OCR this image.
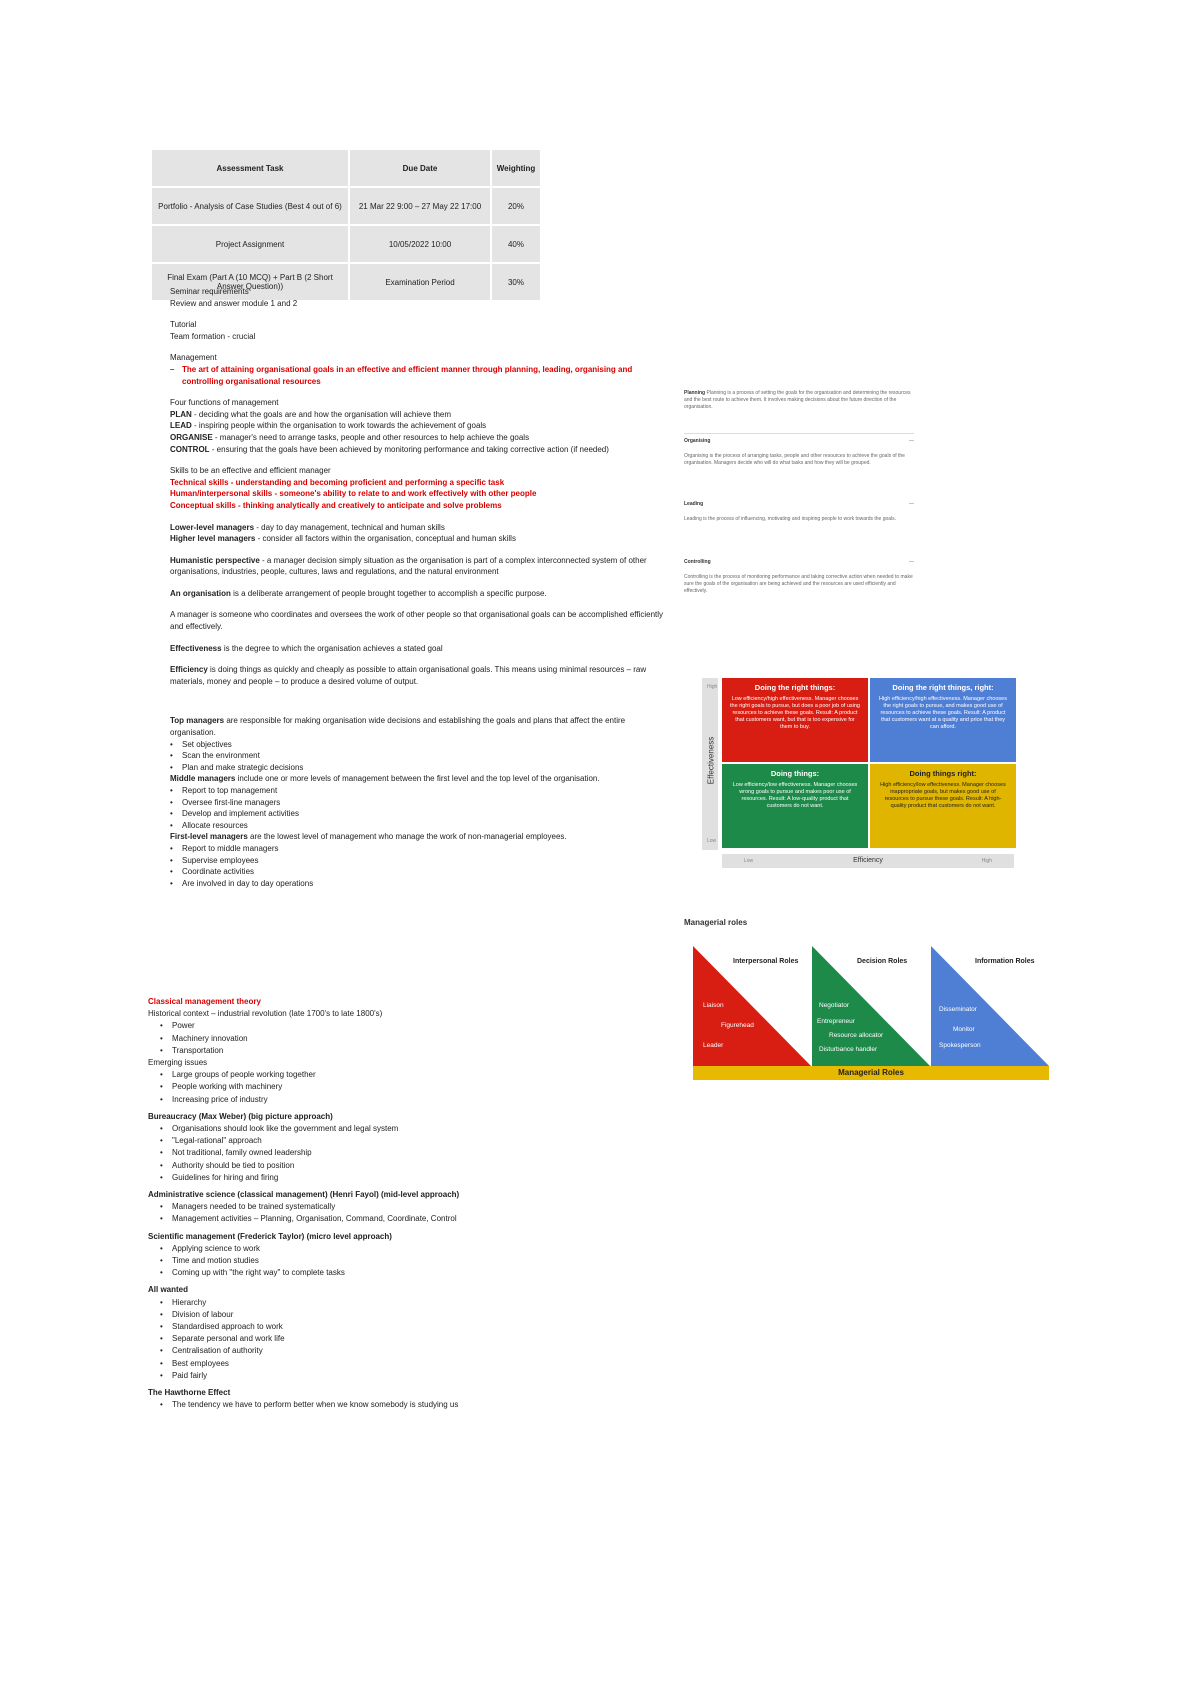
Assessment Task	Due Date	Weighting
Portfolio - Analysis of Case Studies (Best 4 out of 6)	21 Mar 22 9:00 – 27 May 22 17:00	20%
Project Assignment	10/05/2022 10:00	40%
Final Exam (Part A (10 MCQ) + Part B (2 Short Answer Question))	Examination Period	30%

Seminar requirements

Review and answer module 1 and 2

Tutorial

Team formation - crucial

Management

– The art of attaining organisational goals in an effective and efficient manner through planning, leading, organising and controlling organisational resources

Four functions of management

PLAN - deciding what the goals are and how the organisation will achieve them

LEAD - inspiring people within the organisation to work towards the achievement of goals

ORGANISE - manager's need to arrange tasks, people and other resources to help achieve the goals

CONTROL - ensuring that the goals have been achieved by monitoring performance and taking corrective action (if needed)

Skills to be an effective and efficient manager

Technical skills - understanding and becoming proficient and performing a specific task

Human/interpersonal skills - someone's ability to relate to and work effectively with other people

Conceptual skills - thinking analytically and creatively to anticipate and solve problems

Lower-level managers - day to day management, technical and human skills

Higher level managers - consider all factors within the organisation, conceptual and human skills

Humanistic perspective - a manager decision simply situation as the organisation is part of a complex interconnected system of other organisations, industries, people, cultures, laws and regulations, and the natural environment

An organisation is a deliberate arrangement of people brought together to accomplish a specific purpose.

A manager is someone who coordinates and oversees the work of other people so that organisational goals can be accomplished efficiently and effectively.

Effectiveness is the degree to which the organisation achieves a stated goal

Efficiency is doing things as quickly and cheaply as possible to attain organisational goals. This means using minimal resources – raw materials, money and people – to produce a desired volume of output.

Top managers are responsible for making organisation wide decisions and establishing the goals and plans that affect the entire organisation.

• Set objectives
• Scan the environment
• Plan and make strategic decisions

Middle managers include one or more levels of management between the first level and the top level of the organisation.

• Report to top management
• Oversee first-line managers
• Develop and implement activities
• Allocate resources

First-level managers are the lowest level of management who manage the work of non-managerial employees.

• Report to middle managers
• Supervise employees
• Coordinate activities
• Are involved in day to day operations

Classical management theory

Historical context – industrial revolution (late 1700's to late 1800's)

• Power
• Machinery innovation
• Transportation

Emerging issues

• Large groups of people working together
• People working with machinery
• Increasing price of industry

Bureaucracy (Max Weber) (big picture approach)

• Organisations should look like the government and legal system
• "Legal-rational" approach
• Not traditional, family owned leadership
• Authority should be tied to position
• Guidelines for hiring and firing

Administrative science (classical management) (Henri Fayol) (mid-level approach)

• Managers needed to be trained systematically
• Management activities – Planning, Organisation, Command, Coordinate, Control

Scientific management (Frederick Taylor) (micro level approach)

• Applying science to work
• Time and motion studies
• Coming up with "the right way" to complete tasks

All wanted

• Hierarchy
• Division of labour
• Standardised approach to work
• Separate personal and work life
• Centralisation of authority
• Best employees
• Paid fairly

The Hawthorne Effect

• The tendency we have to perform better when we know somebody is studying us
Planning Planning is a process of setting the goals for the organisation and determining the resources and the best route to achieve them. It involves making decisions about the future direction of the organisation.
Organising	—
Organising is the process of arranging tasks, people and other resources to achieve the goals of the organisation. Managers decide who will do what tasks and how they will be grouped.
Leading	—
Leading is the process of influencing, motivating and inspiring people to work towards the goals.
Controlling	—
Controlling is the process of monitoring performance and taking corrective action when needed to make sure the goals of the organisation are being achieved and the resources are used efficiently and effectively.
High
Effectiveness
Low
Doing the right things:
Low efficiency/high effectiveness. Manager chooses the right goals to pursue, but does a poor job of using resources to achieve these goals. Result: A product that customers want, but that is too expensive for them to buy.
Doing the right things, right:
High efficiency/high effectiveness. Manager chooses the right goals to pursue, and makes good use of resources to achieve these goals. Result: A product that customers want at a quality and price that they can afford.
Doing things:
Low efficiency/low effectiveness. Manager chooses wrong goals to pursue and makes poor use of resources. Result: A low-quality product that customers do not want.
Doing things right:
High efficiency/low effectiveness. Manager chooses inappropriate goals, but makes good use of resources to pursue these goals. Result: A high-quality product that customers do not want.
Low	Efficiency	High
Managerial roles
Interpersonal Roles	Decision Roles	Information Roles
Liaison
Figurehead
Leader
Negotiator
Entrepreneur
Resource allocator
Disturbance handler
Disseminator
Monitor
Spokesperson
Managerial Roles
